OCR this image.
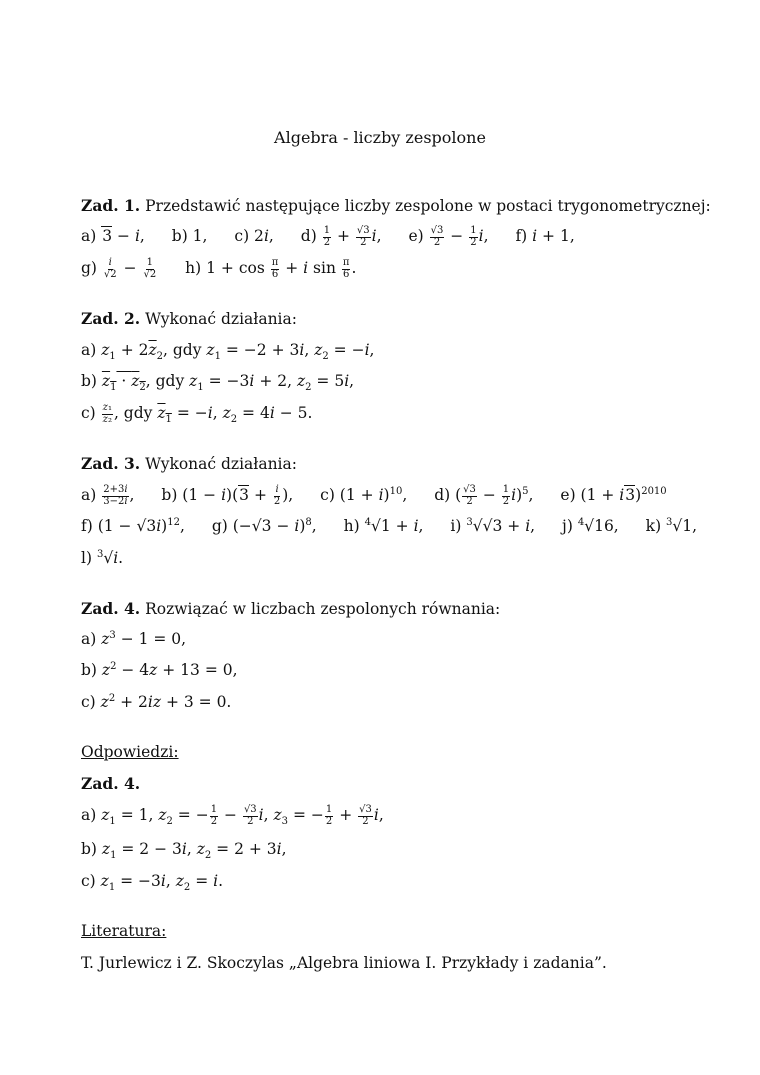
Algebra - liczby zespolone
Zad. 1. Przedstawić następujące liczby zespolone w postaci trygonometrycznej:
a) 3 − i, b) 1, c) 2i, $d) \frac{1}{2} + \frac{√3}{2} i$, $e) \frac{√3}{2} - \frac{1}{2} i$, f) i + 1,
$g) \frac{i}{√2} - \frac{1}{√2} h$) $1 + \cos \frac{\pi}{6} + i$ $\sin \frac{\pi}{6}$ .
Zad. 2. Wykonać działania:
a) $z_1 + 2\overline{z}_2$, gdy $z_1 = -2 + 3i$, $z_2 = -i$,
b) $z_1 \cdot z_2$, gdy $z_1 = -3i + 2$, $z_2 = 5i$,
$c) \frac{\text{z₁}}{\text{z₂}}$ , gdy $z_1 = -i$, $z_2 = 4i - 5$.
Zad. 3. Wykonać działania:
$a) \frac{2+3i}{3-2i}$ , b) $(1 - i)(3 + \frac{i}{2}$ ), c) $(1 + i)^{10}$, d) ( $\frac{√3}{2} - \frac{1}{2} i)^5$, e) $(1 + i3)^{2010}$
f) $(1 - √3i)^{12}$, g) $(-√3 - i)^8$, h) $^4$√1 + i, i) $^3$√√3 + i, j) $^4$√16, k) $^3$√1,
l) $^3$√i.
Zad. 4. Rozwiązać w liczbach zespolonych równania:
a) $z^3 - 1 = 0$,
b) $z^2 - 4z + 13 = 0$,
c) $z^2 + 2iz + 3 = 0$.
Odpowiedzi:
Zad. 4.
a) $z_1 = 1$, $z_2$ = − $\frac{1}{2} - \frac{√3}{2} i$, $z_3$ = − $\frac{1}{2} + \frac{√3}{2} i$,
b) $z_1 = 2 - 3i$, $z_2 = 2 + 3i$,
c) $z_1 = -3i$, $z_2 = i$.
Literatura:
T. Jurlewicz i Z. Skoczylas „Algebra liniowa I. Przykłady i zadania”.
